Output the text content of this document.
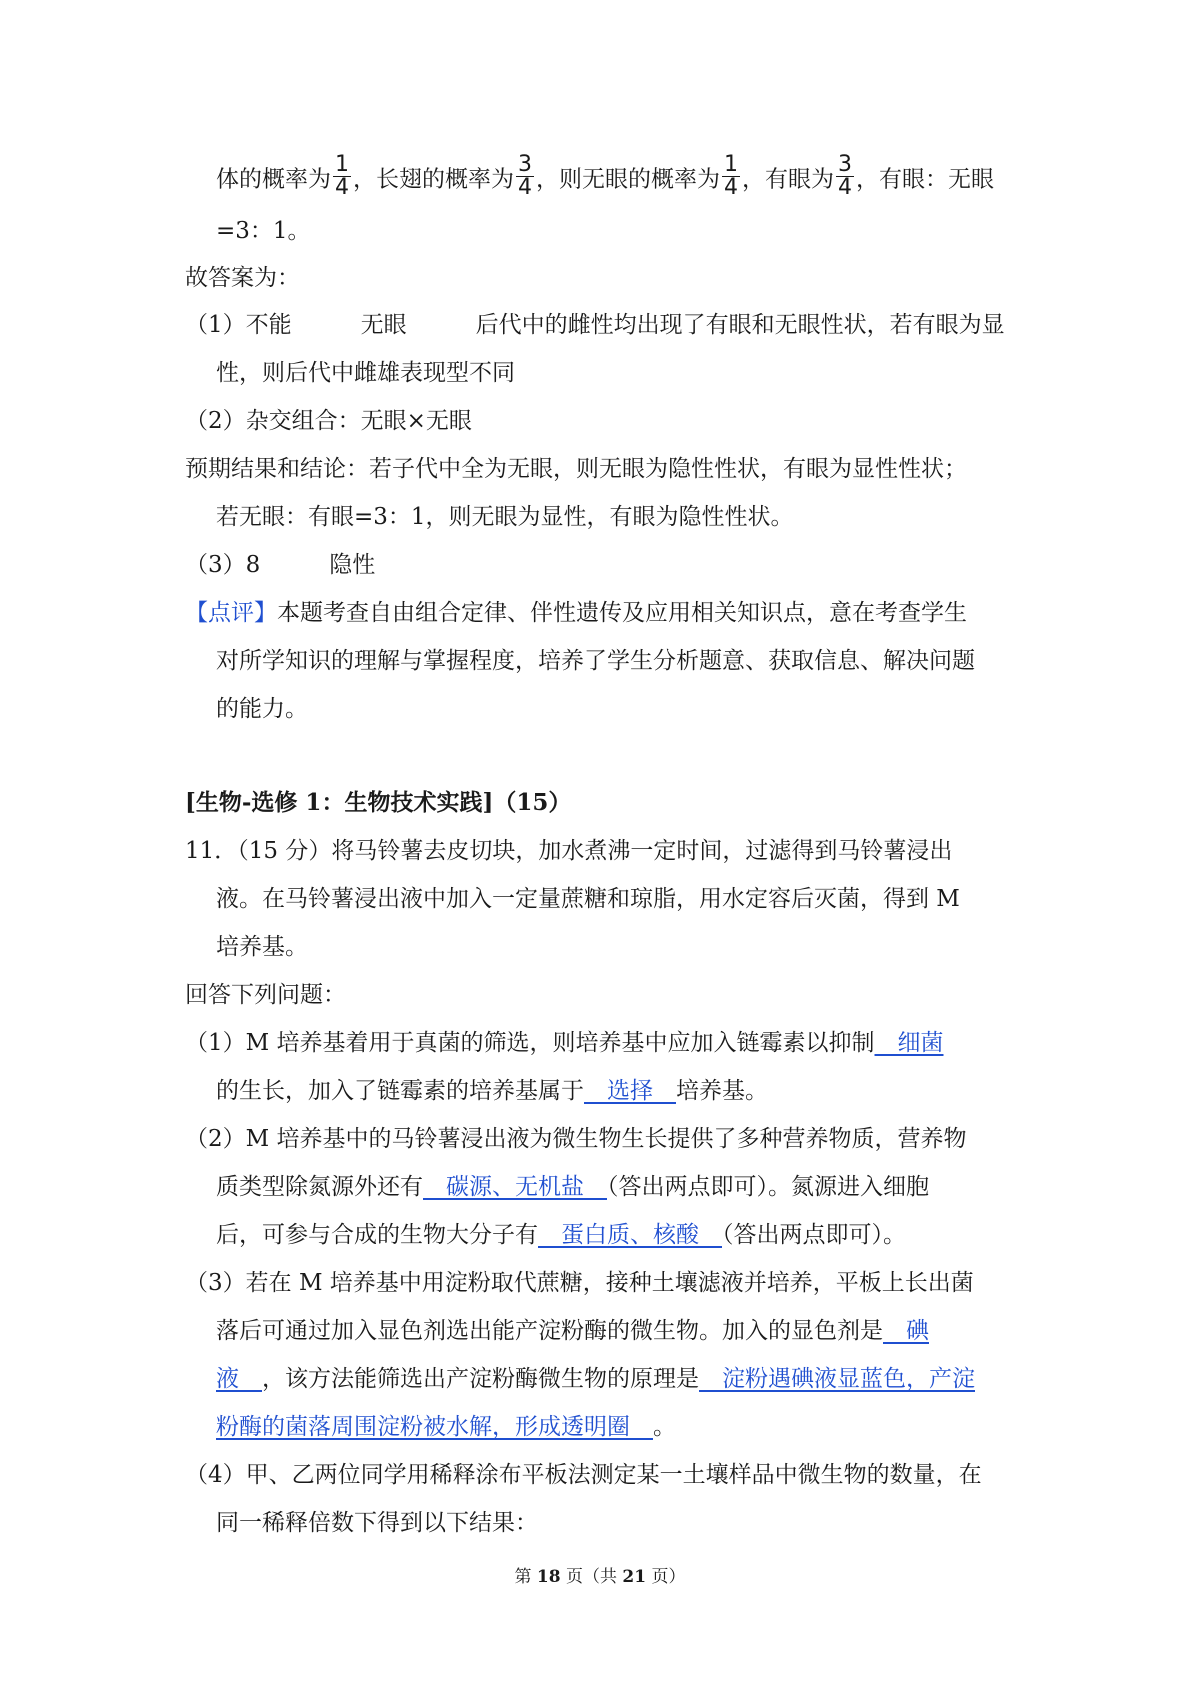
体的概率为 $\frac{1}{4}$ ，长翅的概率为 $\frac{3}{4}$ ，则无眼的概率为 $\frac{1}{4}$ ，有眼为 $\frac{3}{4}$ ，有眼：无眼
=3：1。
故答案为：
（1）不能　　　无眼　　　后代中的雌性均出现了有眼和无眼性状，若有眼为显
性，则后代中雌雄表现型不同
（2）杂交组合：无眼×无眼
预期结果和结论：若子代中全为无眼，则无眼为隐性性状，有眼为显性性状；
若无眼：有眼=3：1，则无眼为显性，有眼为隐性性状。
（3）8　　　隐性
【点评】本题考查自由组合定律、伴性遗传及应用相关知识点，意在考查学生
对所学知识的理解与掌握程度，培养了学生分析题意、获取信息、解决问题
的能力。
[生物-选修 1：生物技术实践]（15）
11．（15 分）将马铃薯去皮切块，加水煮沸一定时间，过滤得到马铃薯浸出
液。在马铃薯浸出液中加入一定量蔗糖和琼脂，用水定容后灭菌，得到 M
培养基。
回答下列问题：
（1）M 培养基着用于真菌的筛选，则培养基中应加入链霉素以抑制　细菌
的生长，加入了链霉素的培养基属于　选择　培养基。
（2）M 培养基中的马铃薯浸出液为微生物生长提供了多种营养物质，营养物
质类型除氮源外还有　碳源、无机盐　（答出两点即可）。氮源进入细胞
后，可参与合成的生物大分子有　蛋白质、核酸　（答出两点即可）。
（3）若在 M 培养基中用淀粉取代蔗糖，接种土壤滤液并培养，平板上长出菌
落后可通过加入显色剂选出能产淀粉酶的微生物。加入的显色剂是　碘
液　，该方法能筛选出产淀粉酶微生物的原理是　淀粉遇碘液显蓝色，产淀
粉酶的菌落周围淀粉被水解，形成透明圈　。
（4）甲、乙两位同学用稀释涂布平板法测定某一土壤样品中微生物的数量，在
同一稀释倍数下得到以下结果：
第 18 页（共 21 页）
